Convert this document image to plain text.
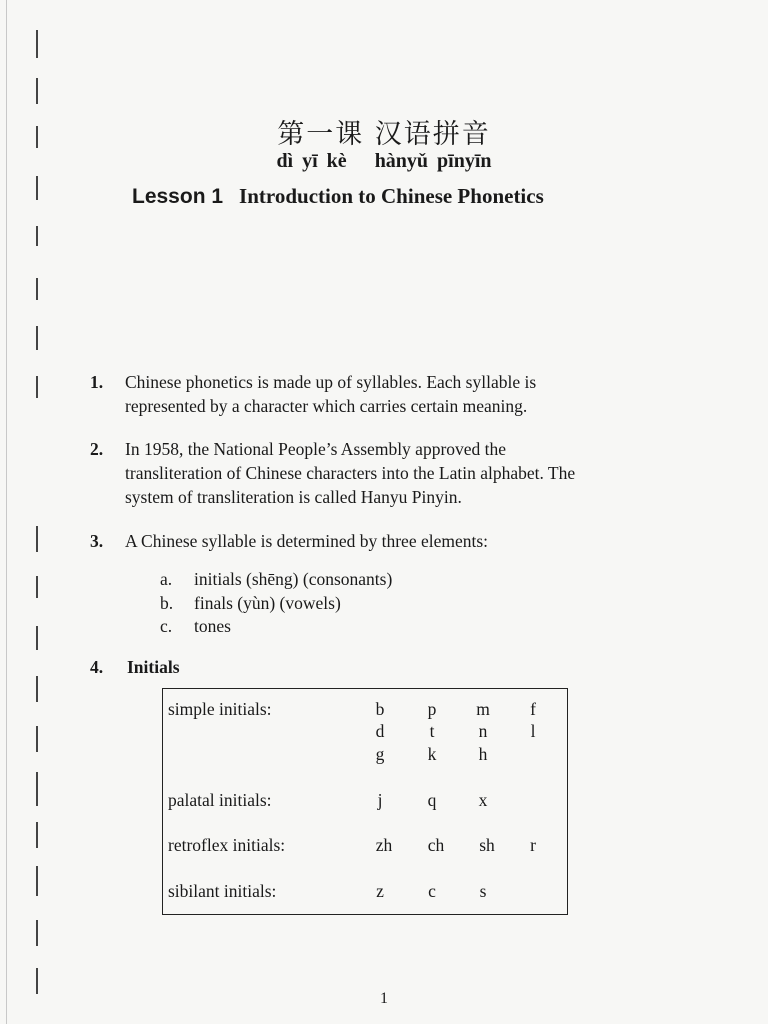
第一课 汉语拼音
dì yī kè hànyǔ pīnyīn
Lesson 1 Introduction to Chinese Phonetics
1. Chinese phonetics is made up of syllables. Each syllable is
represented by a character which carries certain meaning.
2. In 1958, the National People’s Assembly approved the
transliteration of Chinese characters into the Latin alphabet. The
system of transliteration is called Hanyu Pinyin.
3. A Chinese syllable is determined by three elements:
a. initials (shēng) (consonants)
b. finals (yùn) (vowels)
c. tones
4. Initials
simple initials:	b	p	m	f
d	t	n	l
g	k	h
palatal initials:	j	q	x
retroflex initials:	zh	ch	sh	r
sibilant initials:	z	c	s
1
